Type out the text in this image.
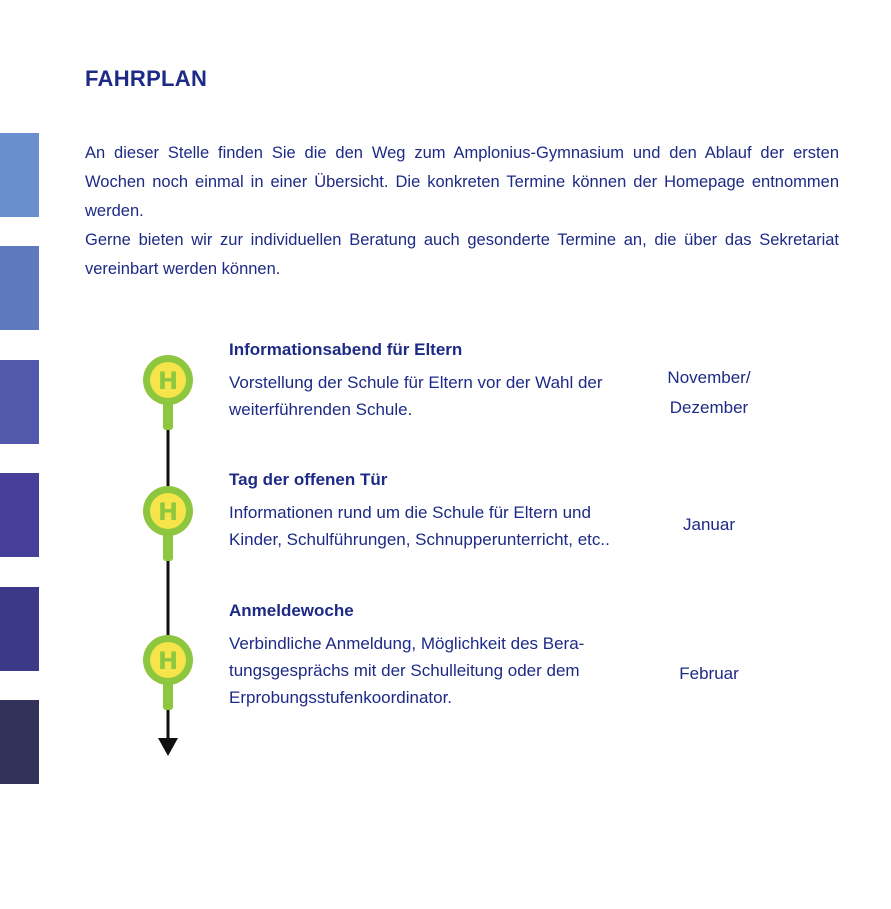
FAHRPLAN

An dieser Stelle finden Sie die den Weg zum Amplonius-Gymnasium und den Ablauf der ersten Wochen noch einmal in einer Übersicht. Die konkreten Termine können der Homepage entnommen werden.

Gerne bieten wir zur individuellen Beratung auch gesonderte Termine an, die über das Sekretariat vereinbart werden können.

H
H
H
Informationsabend für Eltern
Vorstellung der Schule für Eltern vor der Wahl der weiterführenden Schule.
November/
Dezember
Tag der offenen Tür
Informationen rund um die Schule für Eltern und Kinder, Schulführungen, Schnupperunterricht, etc..
Januar
Anmeldewoche
Verbindliche Anmeldung, Möglichkeit des Beratungsgesprächs mit der Schulleitung oder dem Erprobungsstufenkoordinator.
Februar
